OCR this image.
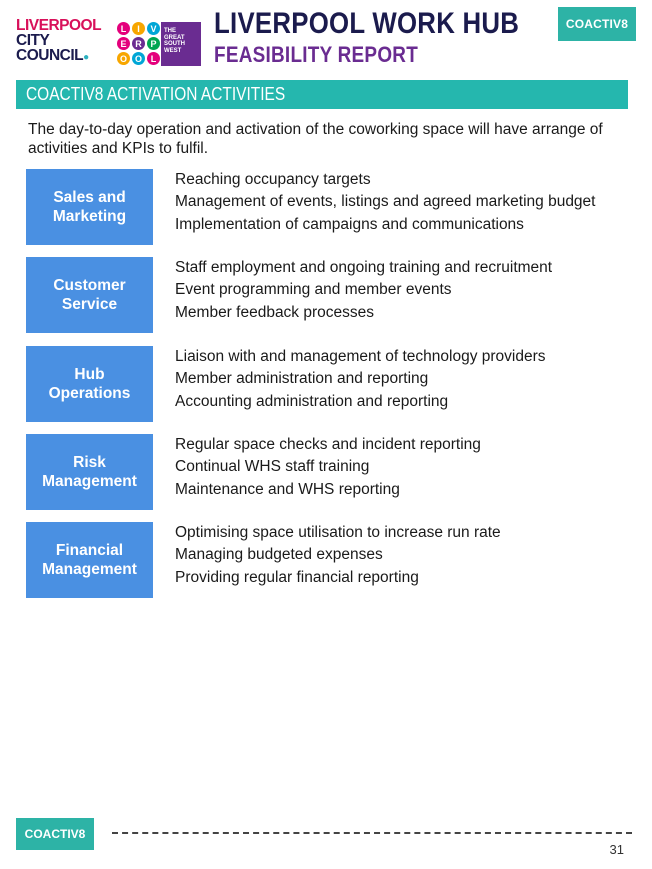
LIVERPOOL
CITY
COUNCIL●
L	I	V
E R P
O O L
THE GREAT SOUTH WEST
LIVERPOOL WORK HUB
FEASIBILITY REPORT
COACTIV8
COACTIV8 ACTIVATION ACTIVITIES
The day-to-day operation and activation of the coworking space will have arrange of activities and KPIs to fulfil.
Sales and
Marketing
Reaching occupancy targets
Management of events, listings and agreed marketing budget
Implementation of campaigns and communications
Customer
Service
Staff employment and ongoing training and recruitment
Event programming and member events
Member feedback processes
Hub
Operations
Liaison with and management of technology providers
Member administration and reporting
Accounting administration and reporting
Risk
Management
Regular space checks and incident reporting
Continual WHS staff training
Maintenance and WHS reporting
Financial
Management
Optimising space utilisation to increase run rate
Managing budgeted expenses
Providing regular financial reporting
COACTIV8
31
